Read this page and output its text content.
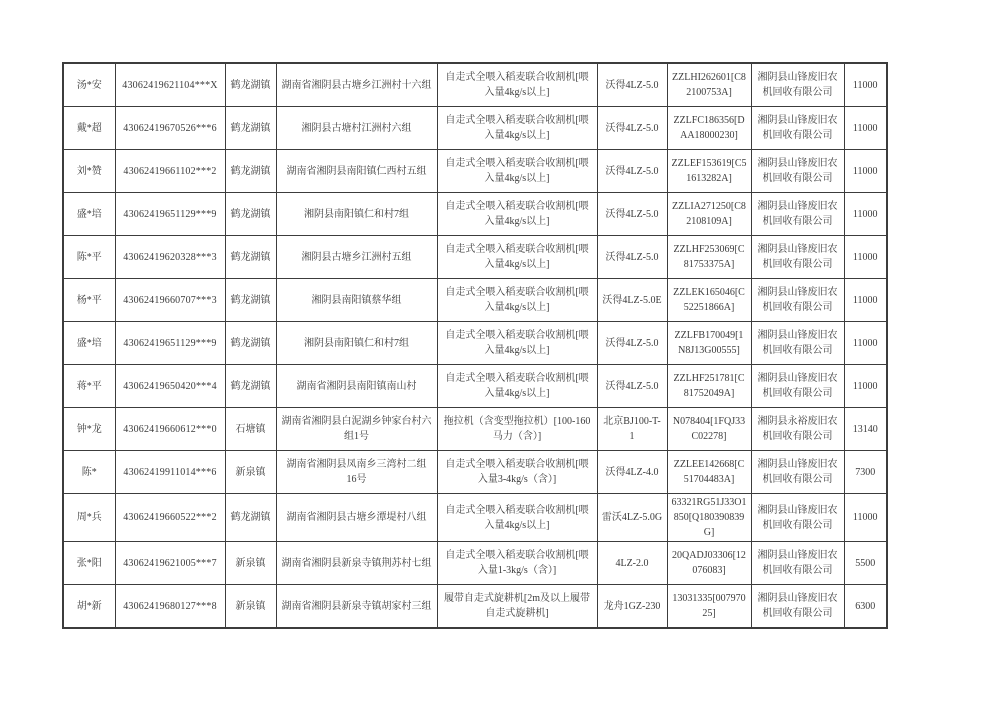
汤*安	43062419621104***X	鹤龙湖镇	湖南省湘阴县古塘乡江洲村十六组	自走式全喂入稻麦联合收割机[喂入量4kg/s以上]	沃得4LZ-5.0	ZZLHI262601[C82100753A]	湘阴县山锋废旧农机回收有限公司	11000
戴*超	43062419670526***6	鹤龙湖镇	湘阴县古塘村江洲村六组	自走式全喂入稻麦联合收割机[喂入量4kg/s以上]	沃得4LZ-5.0	ZZLFC186356[DAA18000230]	湘阴县山锋废旧农机回收有限公司	11000
刘*赞	43062419661102***2	鹤龙湖镇	湖南省湘阴县南阳镇仁西村五组	自走式全喂入稻麦联合收割机[喂入量4kg/s以上]	沃得4LZ-5.0	ZZLEF153619[C51613282A]	湘阴县山锋废旧农机回收有限公司	11000
盛*培	43062419651129***9	鹤龙湖镇	湘阴县南阳镇仁和村7组	自走式全喂入稻麦联合收割机[喂入量4kg/s以上]	沃得4LZ-5.0	ZZLIA271250[C82108109A]	湘阴县山锋废旧农机回收有限公司	11000
陈*平	43062419620328***3	鹤龙湖镇	湘阴县古塘乡江洲村五组	自走式全喂入稻麦联合收割机[喂入量4kg/s以上]	沃得4LZ-5.0	ZZLHF253069[C81753375A]	湘阴县山锋废旧农机回收有限公司	11000
杨*平	43062419660707***3	鹤龙湖镇	湘阴县南阳镇蔡华组	自走式全喂入稻麦联合收割机[喂入量4kg/s以上]	沃得4LZ-5.0E	ZZLEK165046[C52251866A]	湘阴县山锋废旧农机回收有限公司	11000
盛*培	43062419651129***9	鹤龙湖镇	湘阴县南阳镇仁和村7组	自走式全喂入稻麦联合收割机[喂入量4kg/s以上]	沃得4LZ-5.0	ZZLFB170049[1N8J13G00555]	湘阴县山锋废旧农机回收有限公司	11000
蒋*平	43062419650420***4	鹤龙湖镇	湖南省湘阴县南阳镇南山村	自走式全喂入稻麦联合收割机[喂入量4kg/s以上]	沃得4LZ-5.0	ZZLHF251781[C81752049A]	湘阴县山锋废旧农机回收有限公司	11000
钟*龙	43062419660612***0	石塘镇	湖南省湘阴县白泥湖乡钟家台村六组1号	拖拉机（含变型拖拉机）[100-160马力（含）]	北京BJ100-T-1	N078404[1FQJ33C02278]	湘阴县永裕废旧农机回收有限公司	13140
陈*	43062419911014***6	新泉镇	湖南省湘阴县凤南乡三湾村二组 16号	自走式全喂入稻麦联合收割机[喂入量3-4kg/s（含）]	沃得4LZ-4.0	ZZLEE142668[C51704483A]	湘阴县山锋废旧农机回收有限公司	7300
周*兵	43062419660522***2	鹤龙湖镇	湖南省湘阴县古塘乡潭堤村八组	自走式全喂入稻麦联合收割机[喂入量4kg/s以上]	雷沃4LZ-5.0G	63321RG51J33O1850[Q180390839G]	湘阴县山锋废旧农机回收有限公司	11000
张*阳	43062419621005***7	新泉镇	湖南省湘阴县新泉寺镇荆苏村七组	自走式全喂入稻麦联合收割机[喂入量1-3kg/s（含）]	4LZ-2.0	20QADJ03306[12076083]	湘阴县山锋废旧农机回收有限公司	5500
胡*新	43062419680127***8	新泉镇	湖南省湘阴县新泉寺镇胡家村三组	履带自走式旋耕机[2m及以上履带自走式旋耕机]	龙舟1GZ-230	13031335[00797025]	湘阴县山锋废旧农机回收有限公司	6300
